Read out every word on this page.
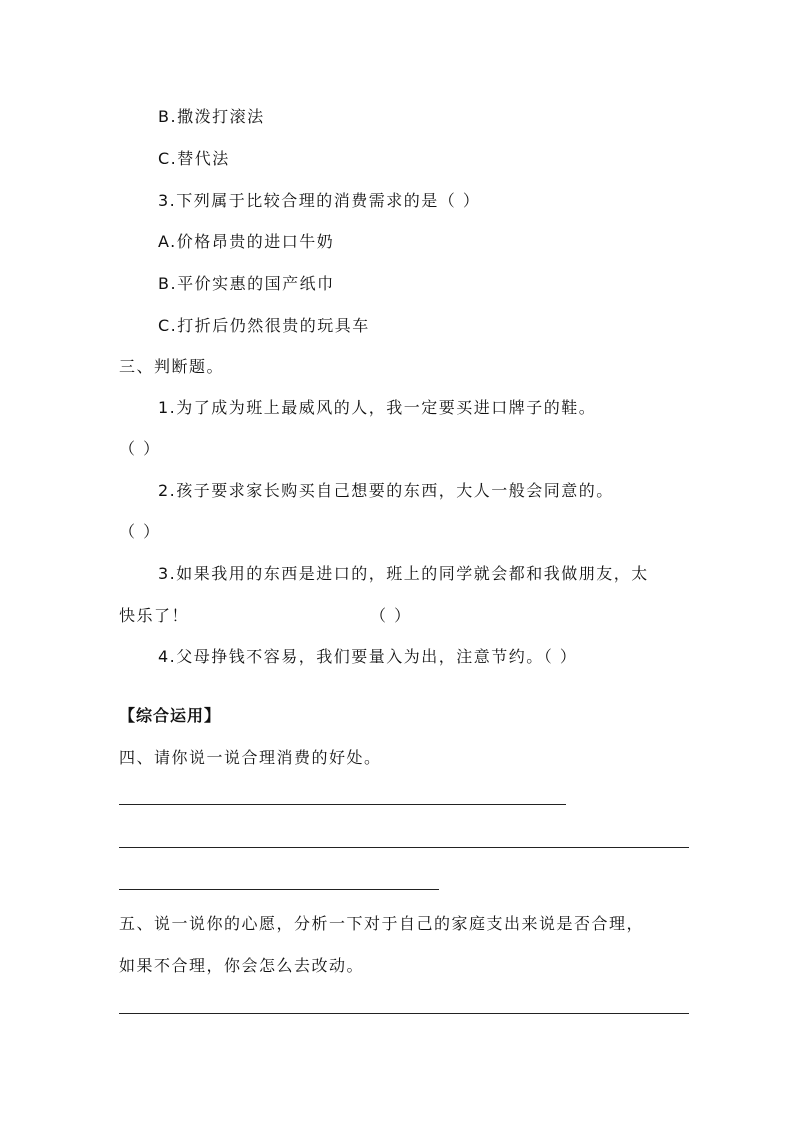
B.撒泼打滚法
C.替代法
3.下列属于比较合理的消费需求的是（ ）
A.价格昂贵的进口牛奶
B.平价实惠的国产纸巾
C.打折后仍然很贵的玩具车
三、判断题。
1.为了成为班上最威风的人，我一定要买进口牌子的鞋。
（ ）
2.孩子要求家长购买自己想要的东西，大人一般会同意的。
（ ）
3.如果我用的东西是进口的，班上的同学就会都和我做朋友，太
快乐了！	（ ）
4.父母挣钱不容易，我们要量入为出，注意节约。（ ）
【综合运用】
四、请你说一说合理消费的好处。
五、说一说你的心愿，分析一下对于自己的家庭支出来说是否合理，
如果不合理，你会怎么去改动。
